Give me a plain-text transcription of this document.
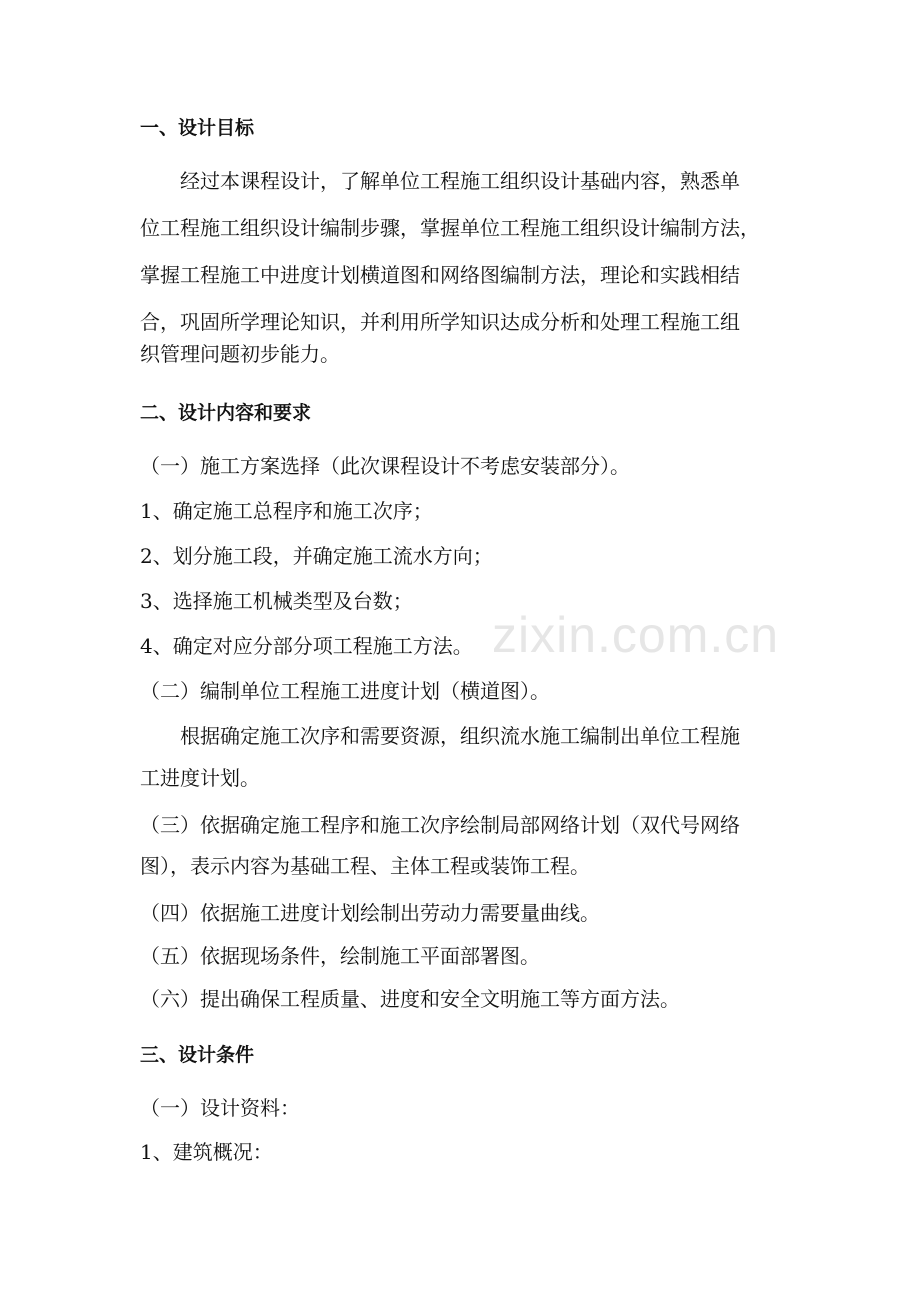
zixin.com.cn
一、设计目标
经过本课程设计，了解单位工程施工组织设计基础内容，熟悉单
位工程施工组织设计编制步骤，掌握单位工程施工组织设计编制方法，
掌握工程施工中进度计划横道图和网络图编制方法，理论和实践相结
合，巩固所学理论知识，并利用所学知识达成分析和处理工程施工组
织管理问题初步能力。
二、设计内容和要求
（一）施工方案选择（此次课程设计不考虑安装部分）。
1、确定施工总程序和施工次序；
2、划分施工段，并确定施工流水方向；
3、选择施工机械类型及台数；
4、确定对应分部分项工程施工方法。
（二）编制单位工程施工进度计划（横道图）。
根据确定施工次序和需要资源，组织流水施工编制出单位工程施
工进度计划。
（三）依据确定施工程序和施工次序绘制局部网络计划（双代号网络
图），表示内容为基础工程、主体工程或装饰工程。
（四）依据施工进度计划绘制出劳动力需要量曲线。
（五）依据现场条件，绘制施工平面部署图。
（六）提出确保工程质量、进度和安全文明施工等方面方法。
三、设计条件
（一）设计资料：
1、建筑概况：
